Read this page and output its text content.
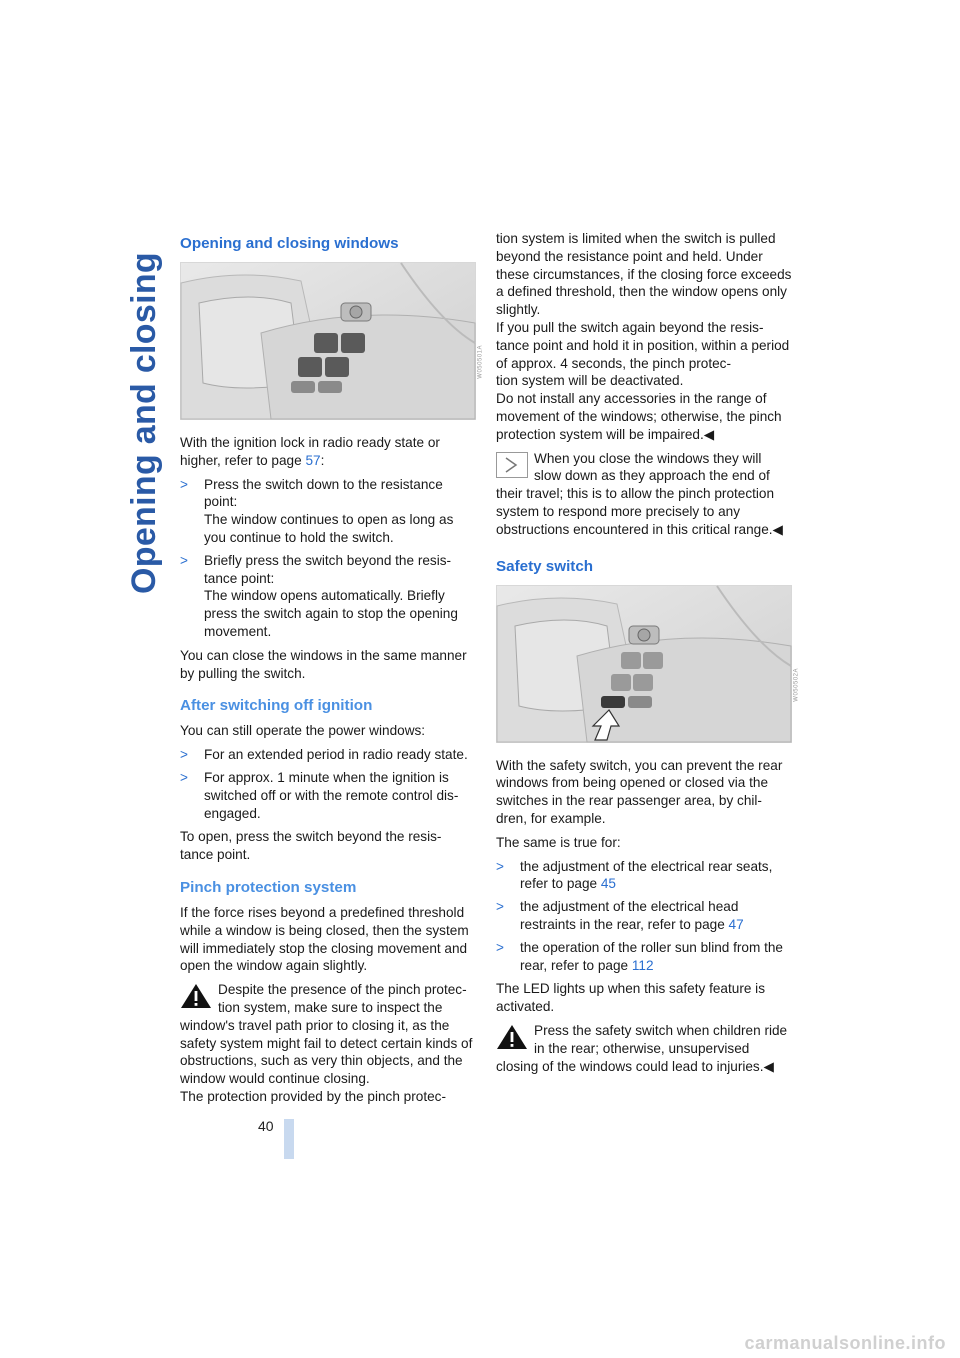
Opening and closing
Opening and closing windows
W050501A

With the ignition lock in radio ready state or higher, refer to page 57:

> Press the switch down to the resistance point:
The window continues to open as long as you continue to hold the switch.
> Briefly press the switch beyond the resis-
tance point:
The window opens automatically. Briefly press the switch again to stop the opening movement.

You can close the windows in the same manner by pulling the switch.

After switching off ignition

You can still operate the power windows:

> For an extended period in radio ready state.
> For approx. 1 minute when the ignition is switched off or with the remote control dis-
engaged.

To open, press the switch beyond the resis-
tance point.

Pinch protection system

If the force rises beyond a predefined threshold while a window is being closed, then the system will immediately stop the closing movement and open the window again slightly.

Despite the presence of the pinch protec-
tion system, make sure to inspect the window's travel path prior to closing it, as the safety system might fail to detect certain kinds of obstructions, such as very thin objects, and the window would continue closing.
The protection provided by the pinch protec-

tion system is limited when the switch is pulled beyond the resistance point and held. Under these circumstances, if the closing force exceeds a defined threshold, then the window opens only slightly.
If you pull the switch again beyond the resis-
tance point and hold it in position, within a period of approx. 4 seconds, the pinch protec-
tion system will be deactivated.
Do not install any accessories in the range of movement of the windows; otherwise, the pinch protection system will be impaired.◀

When you close the windows they will slow down as they approach the end of their travel; this is to allow the pinch protection system to respond more precisely to any obstructions encountered in this critical range.◀
Safety switch
W050502A

With the safety switch, you can prevent the rear windows from being opened or closed via the switches in the rear passenger area, by chil-
dren, for example.

The same is true for:

> the adjustment of the electrical rear seats, refer to page 45
> the adjustment of the electrical head restraints in the rear, refer to page 47
> the operation of the roller sun blind from the rear, refer to page 112

The LED lights up when this safety feature is activated.

Press the safety switch when children ride in the rear; otherwise, unsupervised closing of the windows could lead to injuries.◀
40
carmanualsonline.info
